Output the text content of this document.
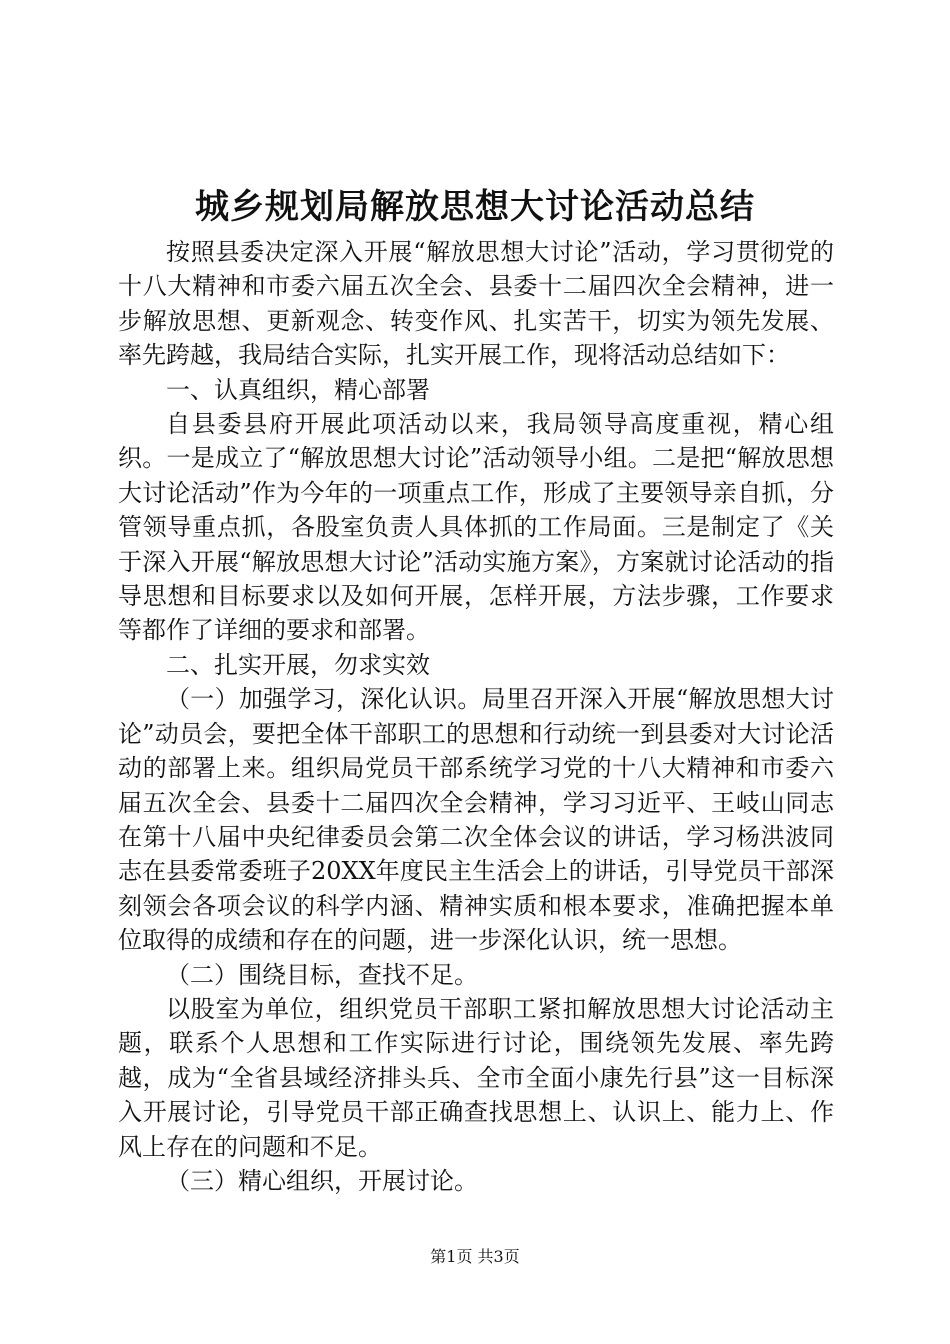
城乡规划局解放思想大讨论活动总结

按照县委决定深入开展“解放思想大讨论”活动，学习贯彻党的十八大精神和市委六届五次全会、县委十二届四次全会精神，进一步解放思想、更新观念、转变作风、扎实苦干，切实为领先发展、率先跨越，我局结合实际，扎实开展工作，现将活动总结如下：

一、认真组织，精心部署

自县委县府开展此项活动以来，我局领导高度重视，精心组织。一是成立了“解放思想大讨论”活动领导小组。二是把“解放思想大讨论活动”作为今年的一项重点工作，形成了主要领导亲自抓，分管领导重点抓，各股室负责人具体抓的工作局面。三是制定了《关于深入开展“解放思想大讨论”活动实施方案》，方案就讨论活动的指导思想和目标要求以及如何开展，怎样开展，方法步骤，工作要求等都作了详细的要求和部署。

二、扎实开展，勿求实效

（一）加强学习，深化认识。局里召开深入开展“解放思想大讨论”动员会，要把全体干部职工的思想和行动统一到县委对大讨论活动的部署上来。组织局党员干部系统学习党的十八大精神和市委六届五次全会、县委十二届四次全会精神，学习习近平、王岐山同志在第十八届中央纪律委员会第二次全体会议的讲话，学习杨洪波同志在县委常委班子20XX年度民主生活会上的讲话，引导党员干部深刻领会各项会议的科学内涵、精神实质和根本要求，准确把握本单位取得的成绩和存在的问题，进一步深化认识，统一思想。

（二）围绕目标，查找不足。

以股室为单位，组织党员干部职工紧扣解放思想大讨论活动主题，联系个人思想和工作实际进行讨论，围绕领先发展、率先跨越，成为“全省县域经济排头兵、全市全面小康先行县”这一目标深入开展讨论，引导党员干部正确查找思想上、认识上、能力上、作风上存在的问题和不足。

（三）精心组织，开展讨论。

第1页 共3页
